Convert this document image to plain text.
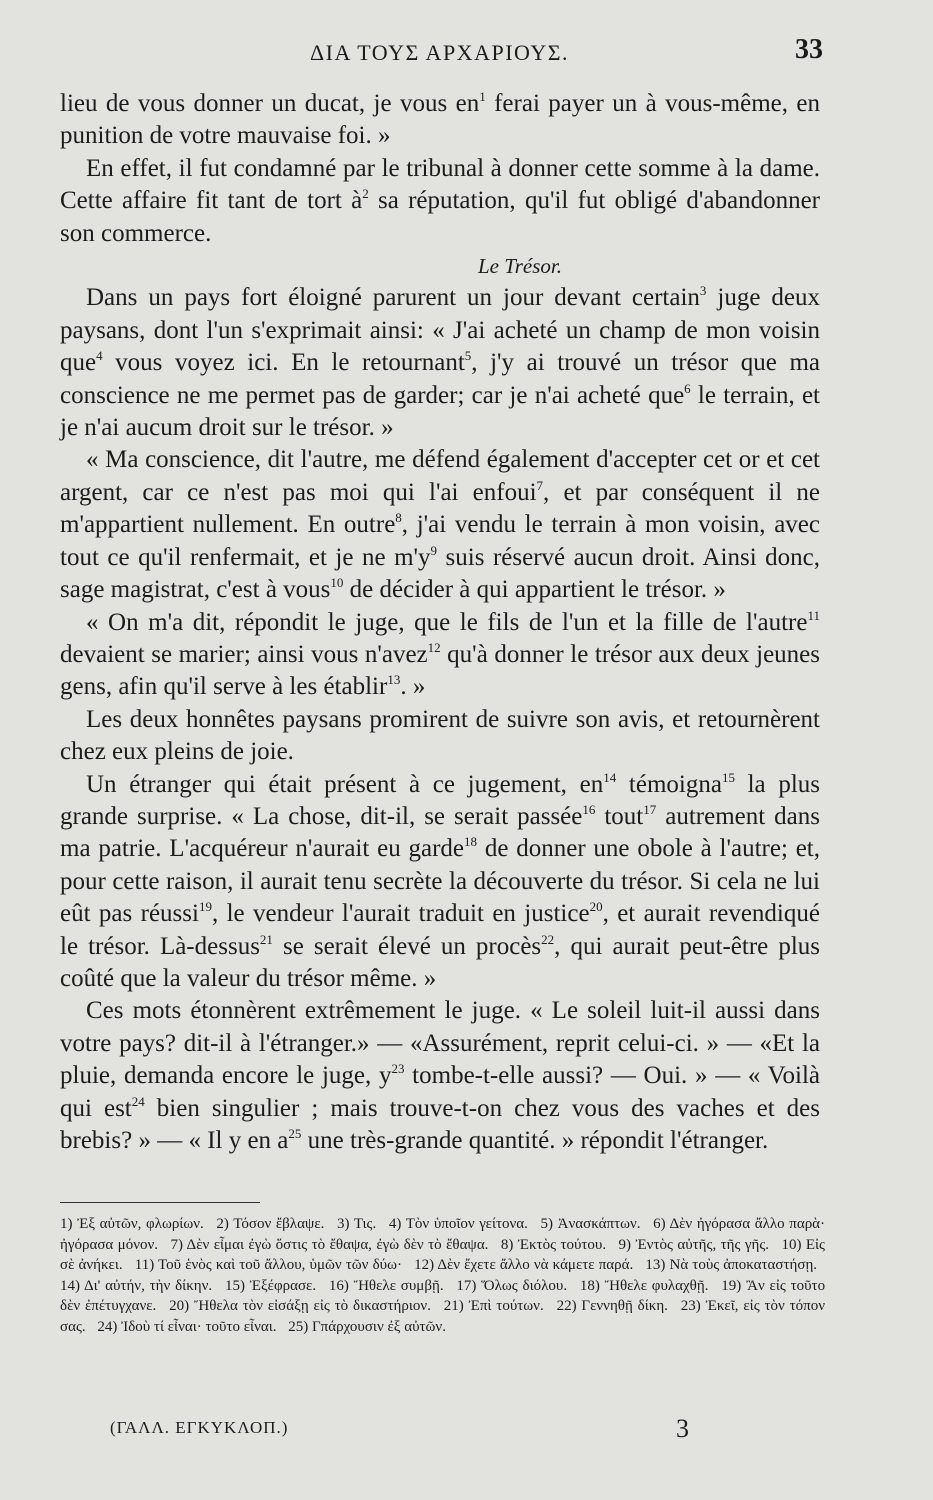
ΔΙΑ ΤΟΥΣ ΑΡΧΑΡΙΟΥΣ.	33

lieu de vous donner un ducat, je vous $en^1$ ferai payer un à vous-même, en punition de votre mauvaise foi. »

En effet, il fut condamné par le tribunal à donner cette somme à la dame. Cette affaire fit tant de tort $à^2$ sa réputation, qu'il fut obligé d'abandonner son commerce.

Le Trésor.

Dans un pays fort éloigné parurent un jour devant certain$^3$ juge deux paysans, dont l'un s'exprimait ainsi: « J'ai acheté un champ de mon voisin que$^4$ vous voyez ici. En le retournant$^5$, j'y ai trouvé un trésor que ma conscience ne me permet pas de garder; car je n'ai acheté que$^6$ le terrain, et je n'ai aucum droit sur le trésor. »

« Ma conscience, dit l'autre, me défend également d'accepter cet or et cet argent, car ce n'est pas moi qui l'ai enfoui$^7$, et par conséquent il ne m'appartient nullement. En outre$^8$, j'ai vendu le terrain à mon voisin, avec tout ce qu'il renfermait, et je ne $m'y^9$ suis réservé aucun droit. Ainsi donc, sage magistrat, c'est à vous$^{10}$ de décider à qui appartient le trésor. »

« On m'a dit, répondit le juge, que le fils de l'un et la fille de l'autre$^{11}$ devaient se marier; ainsi vous n'avez$^{12}$ qu'à donner le trésor aux deux jeunes gens, afin qu'il serve à les établir$^{13}$. »

Les deux honnêtes paysans promirent de suivre son avis, et retournèrent chez eux pleins de joie.

Un étranger qui était présent à ce jugement, $en^{14}$ témoigna$^{15}$ la plus grande surprise. « La chose, dit-il, se serait passée$^{16}$ tout$^{17}$ autrement dans ma patrie. L'acquéreur n'aurait eu garde$^{18}$ de donner une obole à l'autre; et, pour cette raison, il aurait tenu secrète la découverte du trésor. Si cela ne lui eût pas réussi$^{19}$, le vendeur l'aurait traduit en justice$^{20}$, et aurait revendiqué le trésor. Là-dessus$^{21}$ se serait élevé un procès$^{22}$, qui aurait peut-être plus coûté que la valeur du trésor même. »

Ces mots étonnèrent extrêmement le juge. « Le soleil luit-il aussi dans votre pays? dit-il à l'étranger.» — «Assurément, reprit celui-ci. » — «Et la pluie, demanda encore le juge, $y^{23}$ tombe-t-elle aussi? — Oui. » — « Voilà qui est$^{24}$ bien singulier ; mais trouve-t-on chez vous des vaches et des brebis? » — « Il y en $a^{25}$ une très-grande quantité. » répondit l'étranger.

1) Ἐξ αὐτῶν, φλωρίων. 2) Τόσον ἔβλαψε. 3) Τις. 4) Τὸν ὑποῖον γείτονα. 5) Ἀνασκάπτων. 6) Δὲν ἠγόρασα ἄλλο παρὰ· ἠγόρασα μόνον. 7) Δὲν εἶμαι ἐγὼ ὅστις τὸ ἔθαψα, ἐγὼ δὲν τὸ ἔθαψα. 8) Ἐκτὸς τούτου. 9) Ἐντὸς αὐτῆς, τῆς γῆς. 10) Εἰς σὲ ἀνήκει. 11) Τοῦ ἑνὸς καὶ τοῦ ἄλλου, ὑμῶν τῶν δύω· 12) Δὲν ἔχετε ἄλλο νὰ κάμετε παρά. 13) Νὰ τοὺς ἀποκαταστήσῃ. 14) Δι' αὐτήν, τὴν δίκην. 15) Ἐξέφρασε. 16) Ἤθελε συμβῇ. 17) Ὅλως διόλου. 18) Ἤθελε φυλαχθῇ. 19) Ἂν εἰς τοῦτο δὲν ἐπέτυγχανε. 20) Ἤθελα τὸν εἰσάξῃ εἰς τὸ δικαστήριον. 21) Ἐπὶ τούτων. 22) Γεννηθῇ δίκη. 23) Ἐκεῖ, εἰς τὸν τόπον σας. 24) Ἰδοὺ τί εἶναι· τοῦτο εἶναι. 25) Γπάρχουσιν ἐξ αὐτῶν.
(ΓΑΛΛ. ΕΓΚΥΚΛΟΠ.)	3
